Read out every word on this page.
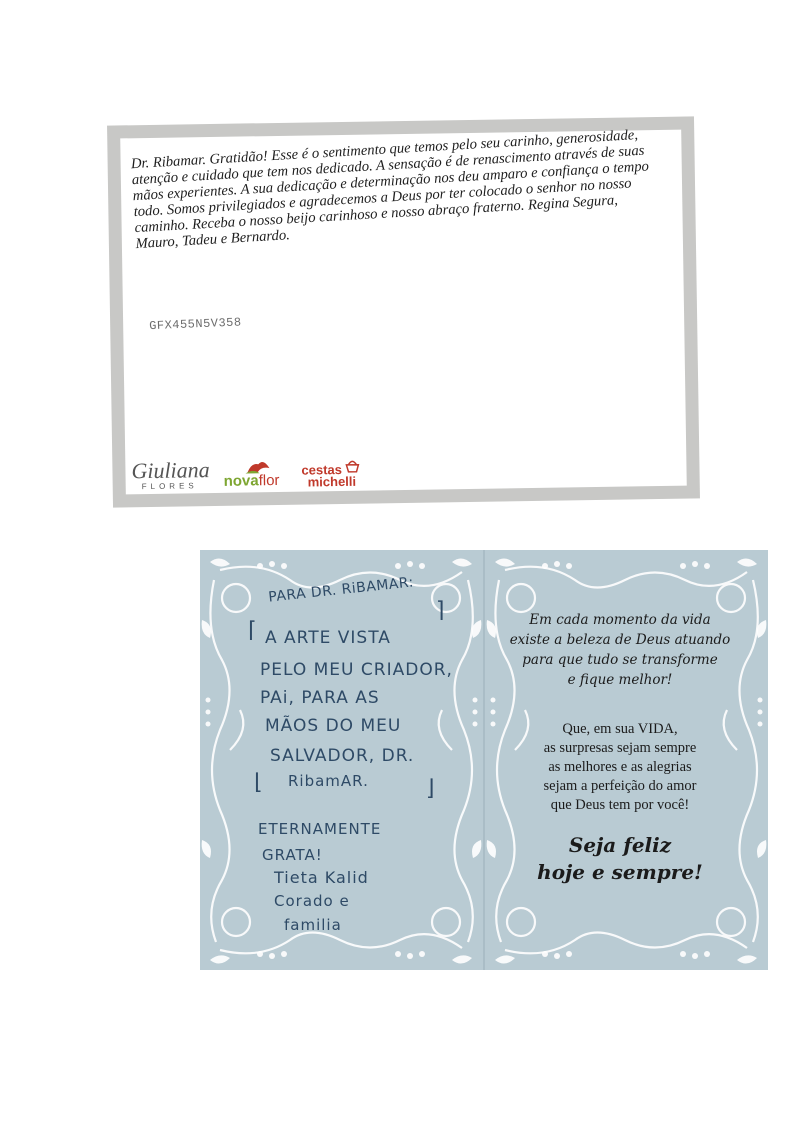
Dr. Ribamar. Gratidão! Esse é o sentimento que temos pelo seu carinho, generosidade, atenção e cuidado que tem nos dedicado. A sensação é de renascimento através de suas mãos experientes. A sua dedicação e determinação nos deu amparo e confiança o tempo todo. Somos privilegiados e agradecemos a Deus por ter colocado o senhor no nosso caminho. Receba o nosso beijo carinhoso e nosso abraço fraterno. Regina Segura, Mauro, Tadeu e Bernardo.

GFX455N5V358
Giuliana
FLORES	novaflor
cestas
michelli
PARA DR. RiBAMAR:
⌈
⌉
A ARTE VISTA
PELO MEU CRIADOR,
PAi, PARA AS
MÃOS DO MEU
SALVADOR, DR.
⌊ RibamAR.	⌋
ETERNAMENTE
GRATA!
Tieta Kalid
Corado e
familia
Em cada momento da vida
existe a beleza de Deus atuando
para que tudo se transforme
e fique melhor!
Que, em sua VIDA,
as surpresas sejam sempre
as melhores e as alegrias
sejam a perfeição do amor
que Deus tem por você!
Seja feliz
hoje e sempre!
